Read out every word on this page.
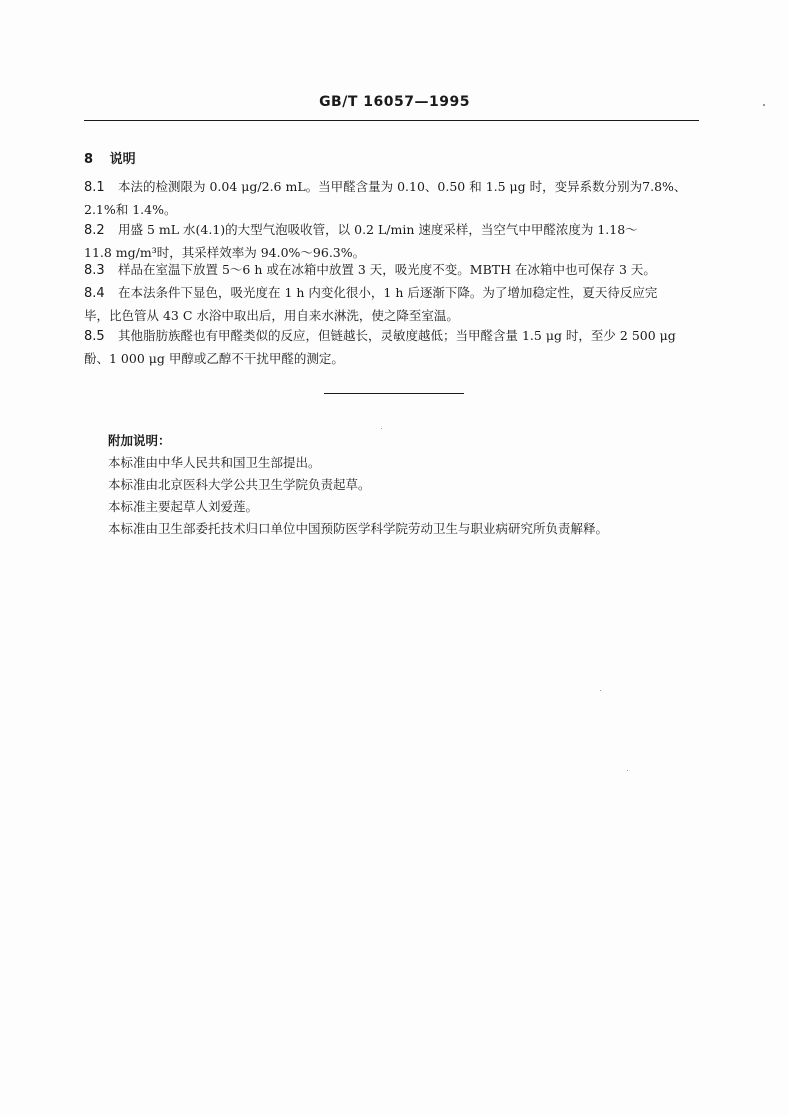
GB/T 16057—1995
8 说明
8.1 本法的检测限为 0.04 μg/2.6 mL。当甲醛含量为 0.10、0.50 和 1.5 μg 时，变异系数分别为7.8%、
2.1%和 1.4%。
8.2 用盛 5 mL 水(4.1)的大型气泡吸收管，以 0.2 L/min 速度采样，当空气中甲醛浓度为 1.18～
11.8 mg/m³时，其采样效率为 94.0%～96.3%。
8.3 样品在室温下放置 5～6 h 或在冰箱中放置 3 天，吸光度不变。MBTH 在冰箱中也可保存 3 天。
8.4 在本法条件下显色，吸光度在 1 h 内变化很小，1 h 后逐渐下降。为了增加稳定性，夏天待反应完
毕，比色管从 43 C 水浴中取出后，用自来水淋洗，使之降至室温。
8.5 其他脂肪族醛也有甲醛类似的反应，但链越长，灵敏度越低；当甲醛含量 1.5 μg 时，至少 2 500 μg
酚、1 000 μg 甲醇或乙醇不干扰甲醛的测定。
附加说明：
本标准由中华人民共和国卫生部提出。
本标准由北京医科大学公共卫生学院负责起草。
本标准主要起草人刘爱莲。
本标准由卫生部委托技术归口单位中国预防医学科学院劳动卫生与职业病研究所负责解释。
